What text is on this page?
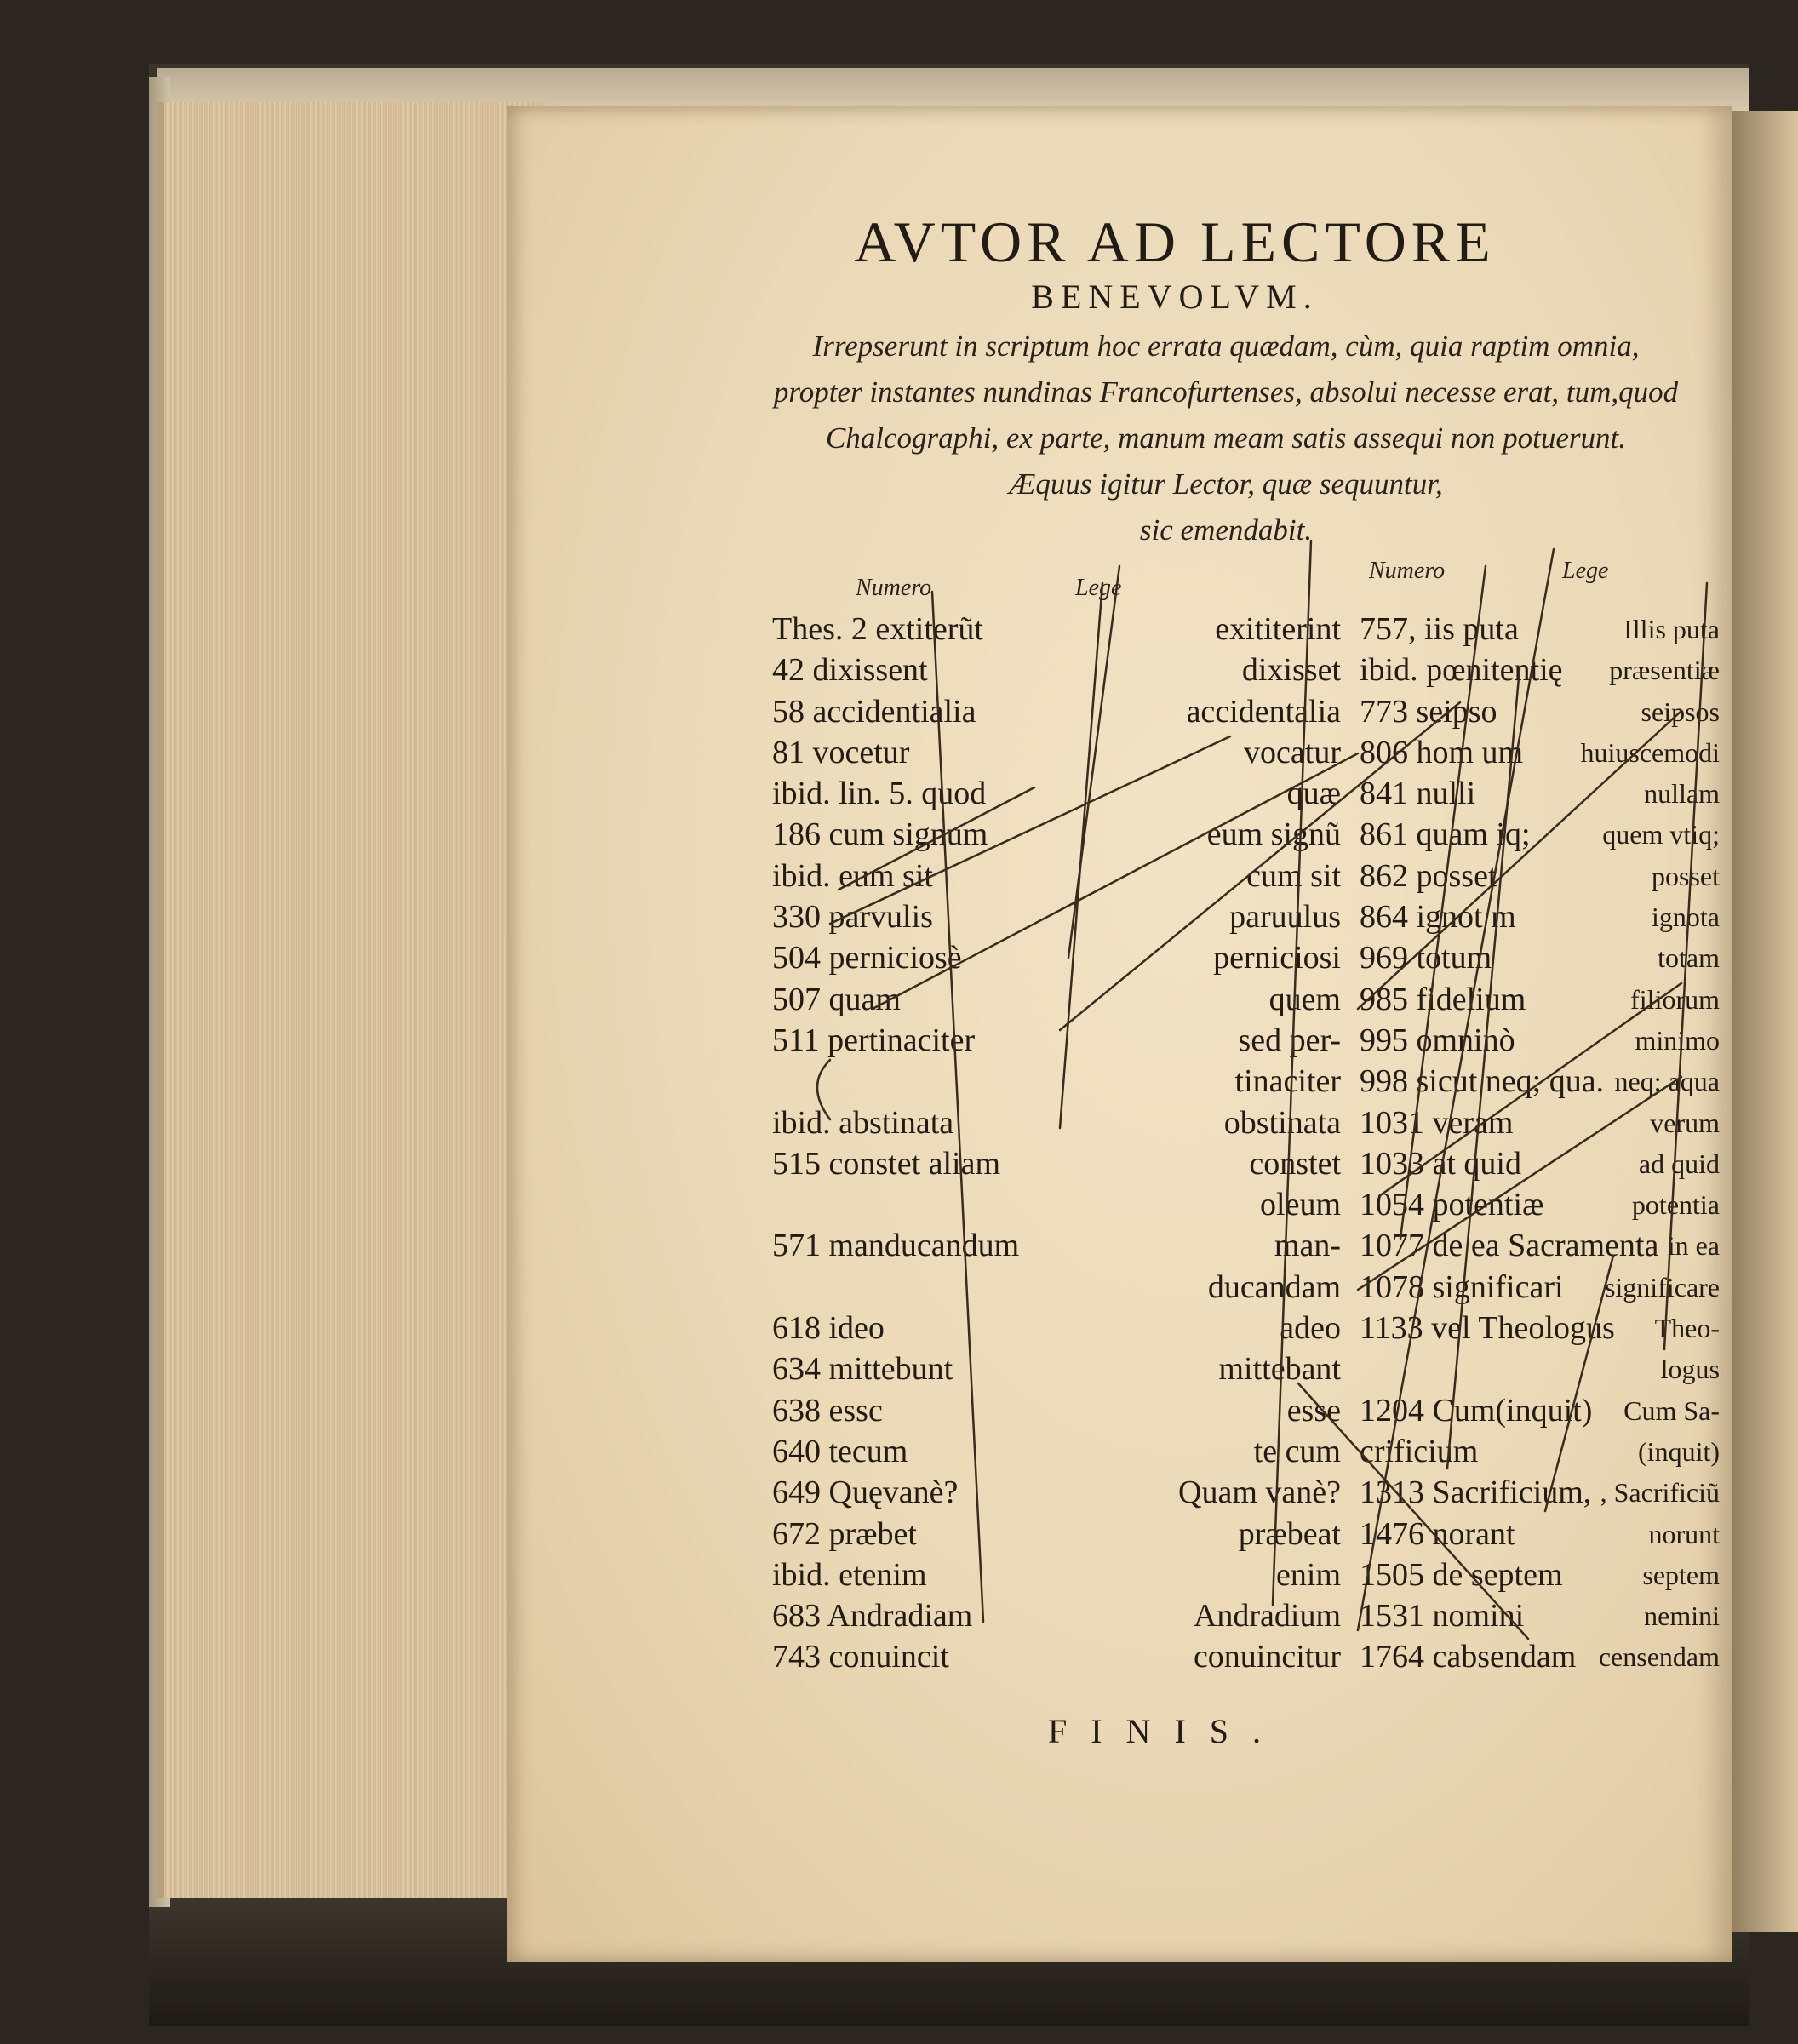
AVTOR AD LECTORE
BENEVOLVM.
Irrepserunt in scriptum hoc errata quædam, cùm, quia raptim omnia,
propter instantes nundinas Francofurtenses, absolui necesse erat, tum,quod
Chalcographi, ex parte, manum meam satis assequi non potuerunt.
Æquus igitur Lector, quæ sequuntur,
sic emendabit.
Numero	Lege
Numero	Lege
Thes. 2 extiterũt
42 dixissent
58 accidentialia
81 vocetur
ibid. lin. 5. quod
186 cum signum
ibid. eum sit
330 parvulis
504 perniciosè
507 quam
511 pertinaciter
ibid. abstinata
515 constet aliam
571 manducandum
618 ideo
634 mittebunt
638 essc
640 tecum
649 Quęvanè?
672 præbet
ibid. etenim
683 Andradiam
743 conuincit
exititerint
dixisset
accidentalia
vocatur
quæ
eum signũ
cum sit
paruulus
perniciosi
quem
sed per-
tinaciter
obstinata
constet
oleum
man-
ducandam
adeo
mittebant
esse
te cum
Quam vanè?
præbeat
enim
Andradium
conuincitur
757, iis puta
ibid. pœnitentię
773 seipso
806 hom um
841 nulli
861 quam iq;
862 posset
864 ignot m
969 totum
985 fidelium
995 omninò
998 sicut neq; qua.
1031 veram
1033 at quid
1054 potentiæ
1077 de ea Sacramenta
1078 significari
1133 vel Theologus
1204 Cum(inquit)
crificium
1313 Sacrificium,
1476 norant
1505 de septem
1531 nomini
1764 cabsendam
Illis puta
præsentiæ
seipsos
huiuscemodi
nullam
quem vtiq;
posset
ignota
totam
filiorum
minimo
neq; aqua
verum
ad quid
potentia
in ea
significare
Theo-
logus
Cum Sa-
(inquit)
, Sacrificiũ
norunt
septem
nemini
censendam
FINIS.
